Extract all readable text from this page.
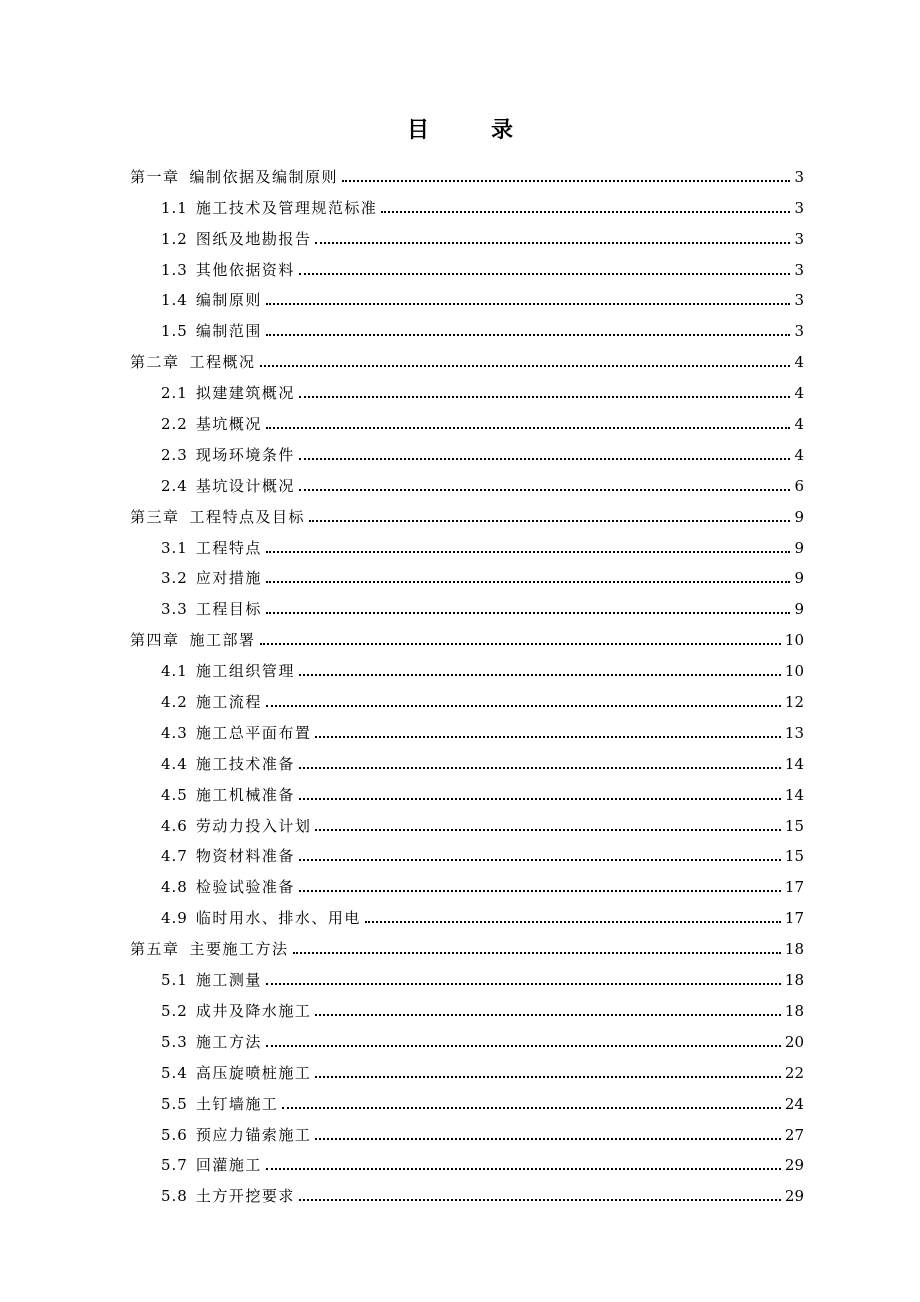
目　录
第一章 编制依据及编制原则	3
1.1 施工技术及管理规范标准	3
1.2 图纸及地勘报告	3
1.3 其他依据资料	3
1.4 编制原则	3
1.5 编制范围	3
第二章 工程概况	4
2.1 拟建建筑概况	4
2.2 基坑概况	4
2.3 现场环境条件	4
2.4 基坑设计概况	6
第三章 工程特点及目标	9
3.1 工程特点	9
3.2 应对措施	9
3.3 工程目标	9
第四章 施工部署	10
4.1 施工组织管理	10
4.2 施工流程	12
4.3 施工总平面布置	13
4.4 施工技术准备	14
4.5 施工机械准备	14
4.6 劳动力投入计划	15
4.7 物资材料准备	15
4.8 检验试验准备	17
4.9 临时用水、排水、用电	17
第五章 主要施工方法	18
5.1 施工测量	18
5.2 成井及降水施工	18
5.3 施工方法	20
5.4 高压旋喷桩施工	22
5.5 土钉墙施工	24
5.6 预应力锚索施工	27
5.7 回灌施工	29
5.8 土方开挖要求	29
